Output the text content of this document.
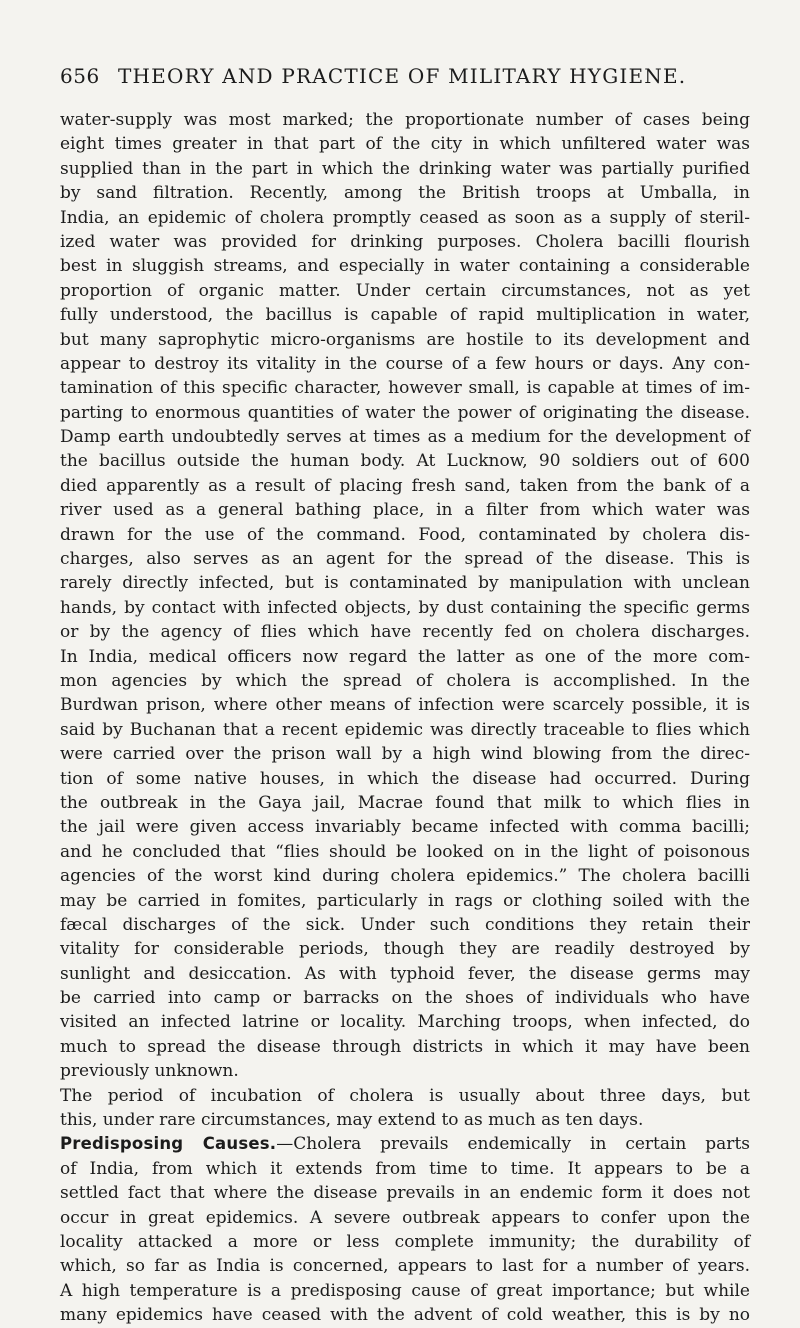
656 THEORY AND PRACTICE OF MILITARY HYGIENE.
water-supply was most marked; the proportionate number of cases being
eight times greater in that part of the city in which unfiltered water was
supplied than in the part in which the drinking water was partially purified
by sand filtration. Recently, among the British troops at Umballa, in
India, an epidemic of cholera promptly ceased as soon as a supply of steril-
ized water was provided for drinking purposes. Cholera bacilli flourish
best in sluggish streams, and especially in water containing a considerable
proportion of organic matter. Under certain circumstances, not as yet
fully understood, the bacillus is capable of rapid multiplication in water,
but many saprophytic micro-organisms are hostile to its development and
appear to destroy its vitality in the course of a few hours or days. Any con-
tamination of this specific character, however small, is capable at times of im-
parting to enormous quantities of water the power of originating the disease.
Damp earth undoubtedly serves at times as a medium for the development of
the bacillus outside the human body. At Lucknow, 90 soldiers out of 600
died apparently as a result of placing fresh sand, taken from the bank of a
river used as a general bathing place, in a filter from which water was
drawn for the use of the command. Food, contaminated by cholera dis-
charges, also serves as an agent for the spread of the disease. This is
rarely directly infected, but is contaminated by manipulation with unclean
hands, by contact with infected objects, by dust containing the specific germs
or by the agency of flies which have recently fed on cholera discharges.
In India, medical officers now regard the latter as one of the more com-
mon agencies by which the spread of cholera is accomplished. In the
Burdwan prison, where other means of infection were scarcely possible, it is
said by Buchanan that a recent epidemic was directly traceable to flies which
were carried over the prison wall by a high wind blowing from the direc-
tion of some native houses, in which the disease had occurred. During
the outbreak in the Gaya jail, Macrae found that milk to which flies in
the jail were given access invariably became infected with comma bacilli;
and he concluded that “flies should be looked on in the light of poisonous
agencies of the worst kind during cholera epidemics.” The cholera bacilli
may be carried in fomites, particularly in rags or clothing soiled with the
fæcal discharges of the sick. Under such conditions they retain their
vitality for considerable periods, though they are readily destroyed by
sunlight and desiccation. As with typhoid fever, the disease germs may
be carried into camp or barracks on the shoes of individuals who have
visited an infected latrine or locality. Marching troops, when infected, do
much to spread the disease through districts in which it may have been
previously unknown.
The period of incubation of cholera is usually about three days, but
this, under rare circumstances, may extend to as much as ten days.
Predisposing Causes.—Cholera prevails endemically in certain parts
of India, from which it extends from time to time. It appears to be a
settled fact that where the disease prevails in an endemic form it does not
occur in great epidemics. A severe outbreak appears to confer upon the
locality attacked a more or less complete immunity; the durability of
which, so far as India is concerned, appears to last for a number of years.
A high temperature is a predisposing cause of great importance; but while
many epidemics have ceased with the advent of cold weather, this is by no
